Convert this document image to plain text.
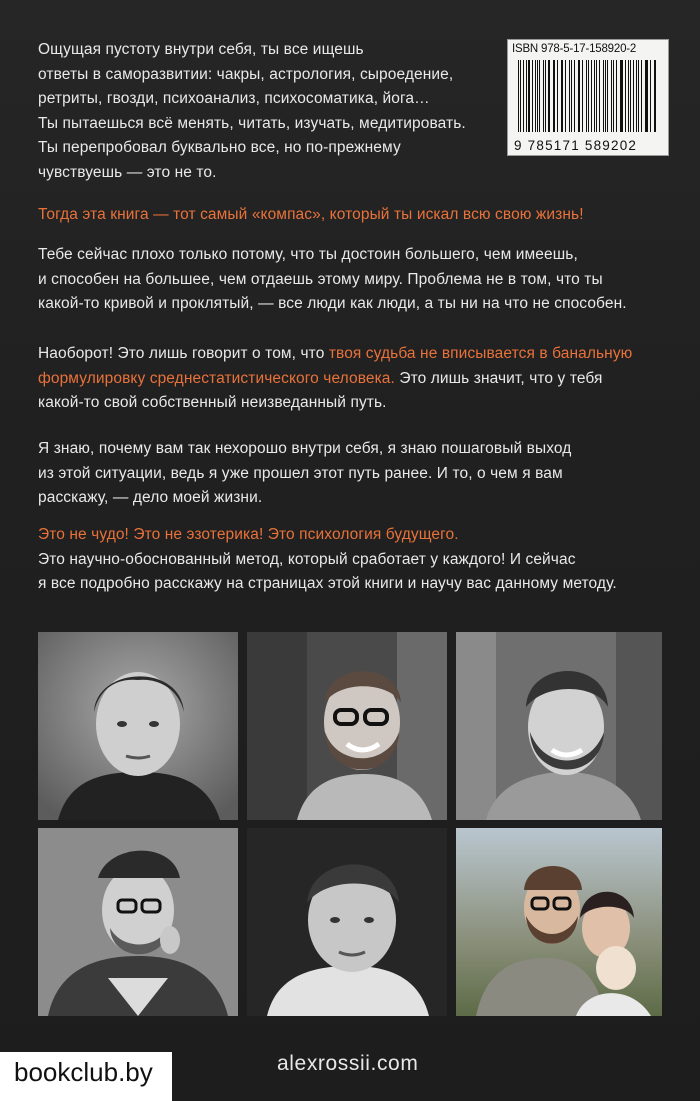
Ощущая пустоту внутри себя, ты все ищешь

ответы в саморазвитии: чакры, астрология, сыроедение,

ретриты, гвозди, психоанализ, психосоматика, йога…

Ты пытаешься всё менять, читать, изучать, медитировать.

Ты перепробовал буквально все, но по-прежнему

чувствуешь — это не то.

ISBN 978-5-17-158920-2
9 785171 589202

Тогда эта книга — тот самый «компас», который ты искал всю свою жизнь!

Тебе сейчас плохо только потому, что ты достоин большего, чем имеешь,

и способен на большее, чем отдаешь этому миру. Проблема не в том, что ты

какой-то кривой и проклятый, — все люди как люди, а ты ни на что не способен.

Наоборот! Это лишь говорит о том, что твоя судьба не вписывается в банальную

формулировку среднестатистического человека. Это лишь значит, что у тебя

какой-то свой собственный неизведанный путь.

Я знаю, почему вам так нехорошо внутри себя, я знаю пошаговый выход

из этой ситуации, ведь я уже прошел этот путь ранее. И то, о чем я вам

расскажу, — дело моей жизни.

Это не чудо! Это не эзотерика! Это психология будущего.

Это научно-обоснованный метод, который сработает у каждого! И сейчас

я все подробно расскажу на страницах этой книги и научу вас данному методу.

alexrossii.com
bookclub.by
